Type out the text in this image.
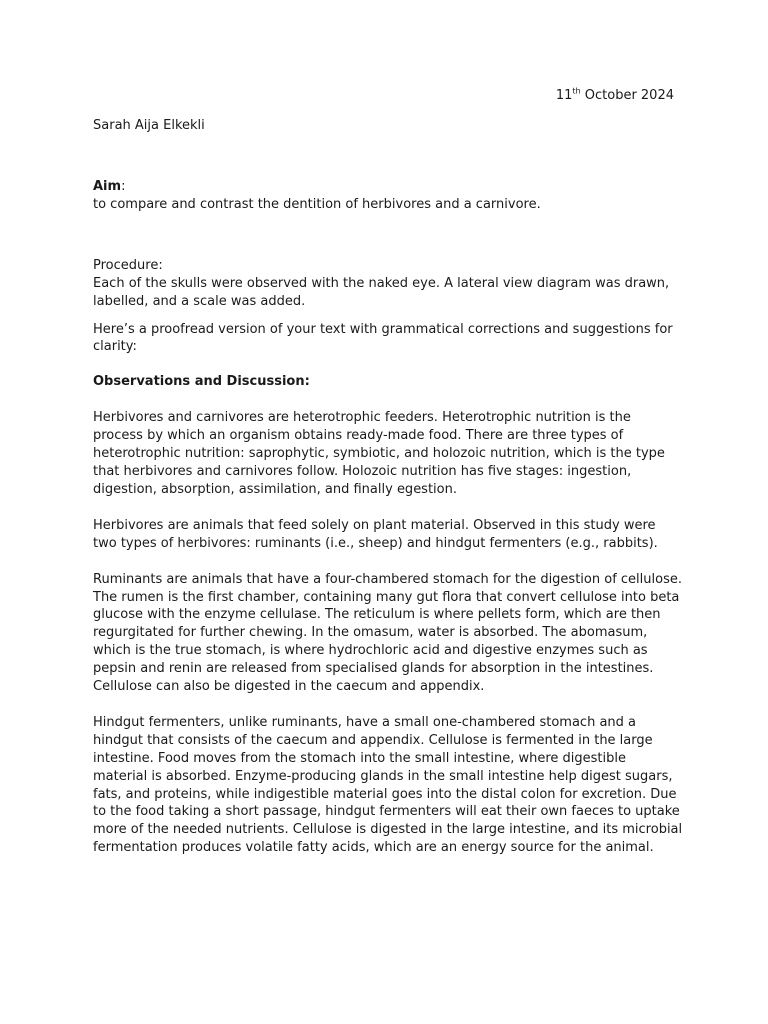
11th October 2024
Sarah Aija Elkekli

Aim:

to compare and contrast the dentition of herbivores and a carnivore.

Procedure:

Each of the skulls were observed with the naked eye. A lateral view diagram was drawn, labelled, and a scale was added.

Here’s a proofread version of your text with grammatical corrections and suggestions for clarity:

Observations and Discussion:

Herbivores and carnivores are heterotrophic feeders. Heterotrophic nutrition is the process by which an organism obtains ready-made food. There are three types of heterotrophic nutrition: saprophytic, symbiotic, and holozoic nutrition, which is the type that herbivores and carnivores follow. Holozoic nutrition has five stages: ingestion, digestion, absorption, assimilation, and finally egestion.

Herbivores are animals that feed solely on plant material. Observed in this study were two types of herbivores: ruminants (i.e., sheep) and hindgut fermenters (e.g., rabbits).

Ruminants are animals that have a four-chambered stomach for the digestion of cellulose. The rumen is the first chamber, containing many gut flora that convert cellulose into beta glucose with the enzyme cellulase. The reticulum is where pellets form, which are then regurgitated for further chewing. In the omasum, water is absorbed. The abomasum, which is the true stomach, is where hydrochloric acid and digestive enzymes such as pepsin and renin are released from specialised glands for absorption in the intestines. Cellulose can also be digested in the caecum and appendix.

Hindgut fermenters, unlike ruminants, have a small one-chambered stomach and a hindgut that consists of the caecum and appendix. Cellulose is fermented in the large intestine. Food moves from the stomach into the small intestine, where digestible material is absorbed. Enzyme-producing glands in the small intestine help digest sugars, fats, and proteins, while indigestible material goes into the distal colon for excretion. Due to the food taking a short passage, hindgut fermenters will eat their own faeces to uptake more of the needed nutrients. Cellulose is digested in the large intestine, and its microbial fermentation produces volatile fatty acids, which are an energy source for the animal.
